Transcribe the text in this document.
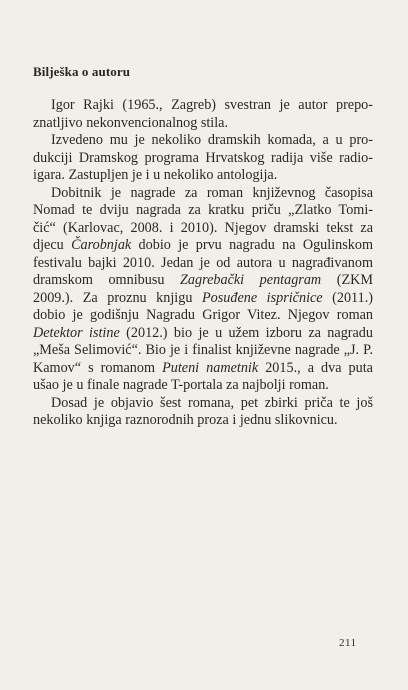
Bilješka o autoru
Igor Rajki (1965., Zagreb) svestran je autor prepo-
znatljivo nekonvencionalnog stila.
Izvedeno mu je nekoliko dramskih komada, a u pro-
dukciji Dramskog programa Hrvatskog radija više radio-
igara. Zastupljen je i u nekoliko antologija.
Dobitnik je nagrade za roman književnog časopisa
Nomad te dviju nagrada za kratku priču „Zlatko Tomi-
čić“ (Karlovac, 2008. i 2010). Njegov dramski tekst za
djecu Čarobnjak dobio je prvu nagradu na Ogulinskom
festivalu bajki 2010. Jedan je od autora u nagrađivanom
dramskom omnibusu Zagrebački pentagram (ZKM
2009.). Za proznu knjigu Posuđene ispričnice (2011.)
dobio je godišnju Nagradu Grigor Vitez. Njegov roman
Detektor istine (2012.) bio je u užem izboru za nagradu
„Meša Selimović“. Bio je i finalist književne nagrade „J. P.
Kamov“ s romanom Puteni nametnik 2015., a dva puta
ušao je u finale nagrade T-portala za najbolji roman.
Dosad je objavio šest romana, pet zbirki priča te još
nekoliko knjiga raznorodnih proza i jednu slikovnicu.
211
